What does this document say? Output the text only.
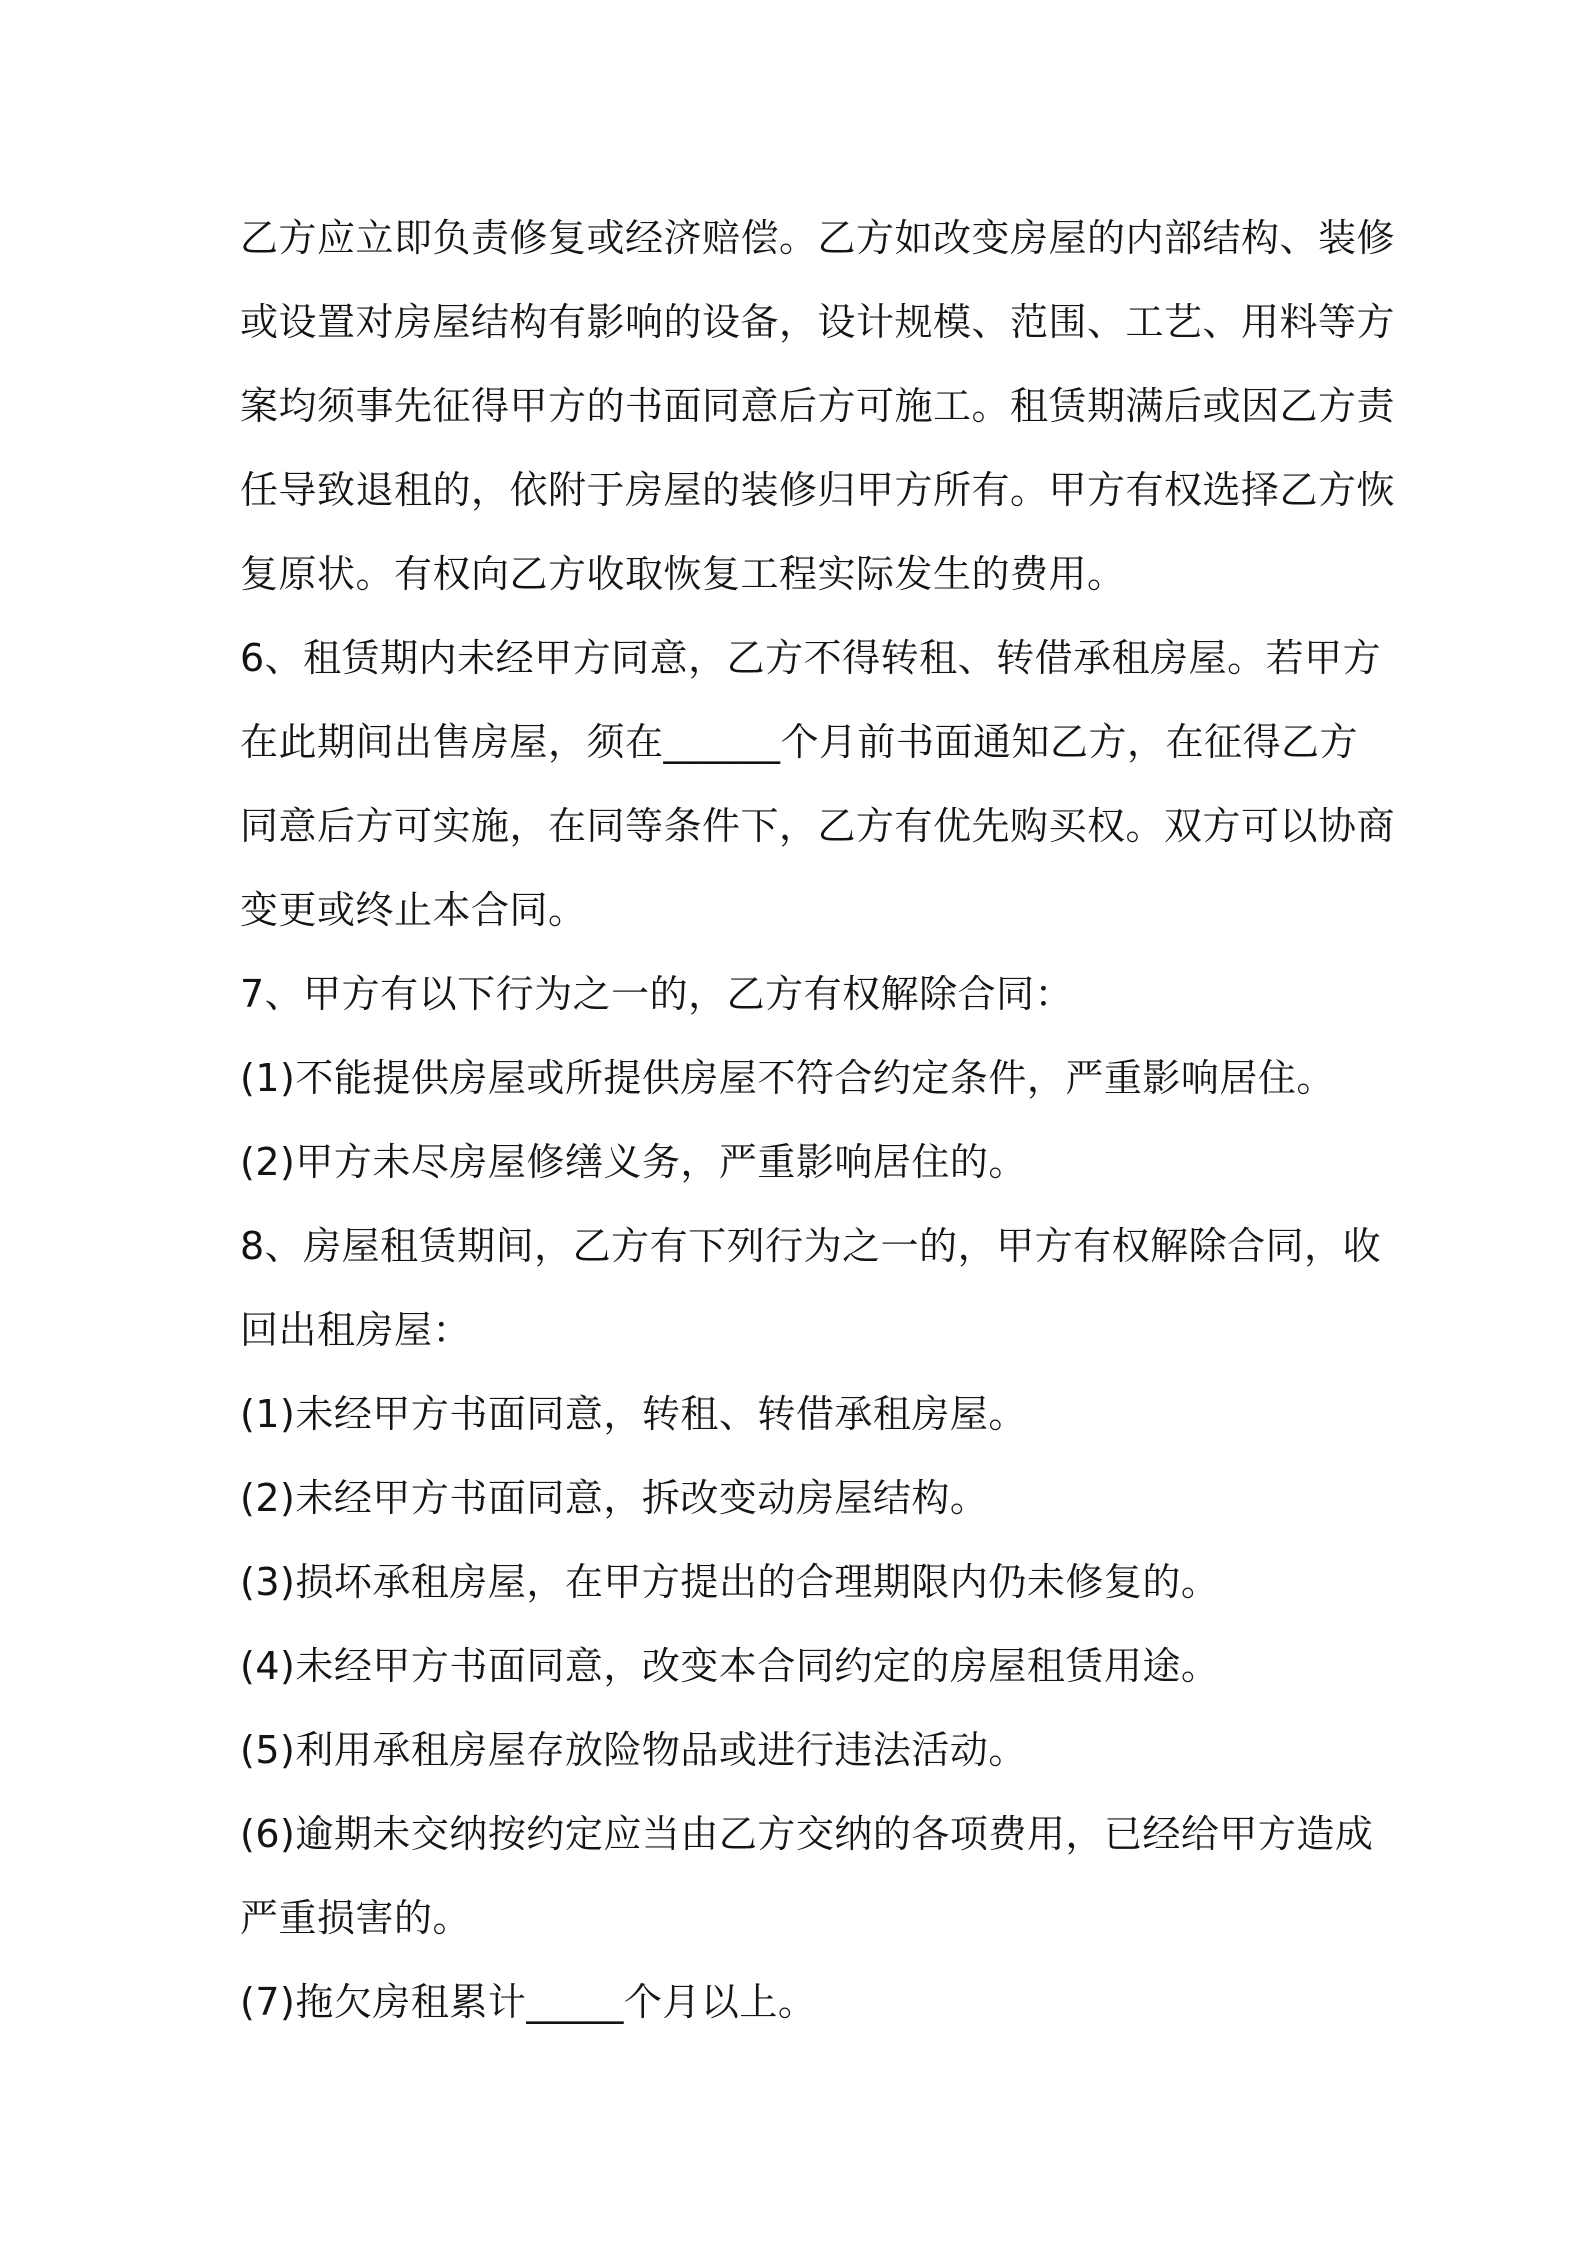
乙方应立即负责修复或经济赔偿。乙方如改变房屋的内部结构、装修
或设置对房屋结构有影响的设备，设计规模、范围、工艺、用料等方
案均须事先征得甲方的书面同意后方可施工。租赁期满后或因乙方责
任导致退租的，依附于房屋的装修归甲方所有。甲方有权选择乙方恢
复原状。有权向乙方收取恢复工程实际发生的费用。
6、租赁期内未经甲方同意，乙方不得转租、转借承租房屋。若甲方
在此期间出售房屋，须在______个月前书面通知乙方，在征得乙方
同意后方可实施，在同等条件下，乙方有优先购买权。双方可以协商
变更或终止本合同。
7、甲方有以下行为之一的，乙方有权解除合同：
(1)不能提供房屋或所提供房屋不符合约定条件，严重影响居住。
(2)甲方未尽房屋修缮义务，严重影响居住的。
8、房屋租赁期间，乙方有下列行为之一的，甲方有权解除合同，收
回出租房屋：
(1)未经甲方书面同意，转租、转借承租房屋。
(2)未经甲方书面同意，拆改变动房屋结构。
(3)损坏承租房屋，在甲方提出的合理期限内仍未修复的。
(4)未经甲方书面同意，改变本合同约定的房屋租赁用途。
(5)利用承租房屋存放险物品或进行违法活动。
(6)逾期未交纳按约定应当由乙方交纳的各项费用，已经给甲方造成
严重损害的。
(7)拖欠房租累计_____个月以上。
